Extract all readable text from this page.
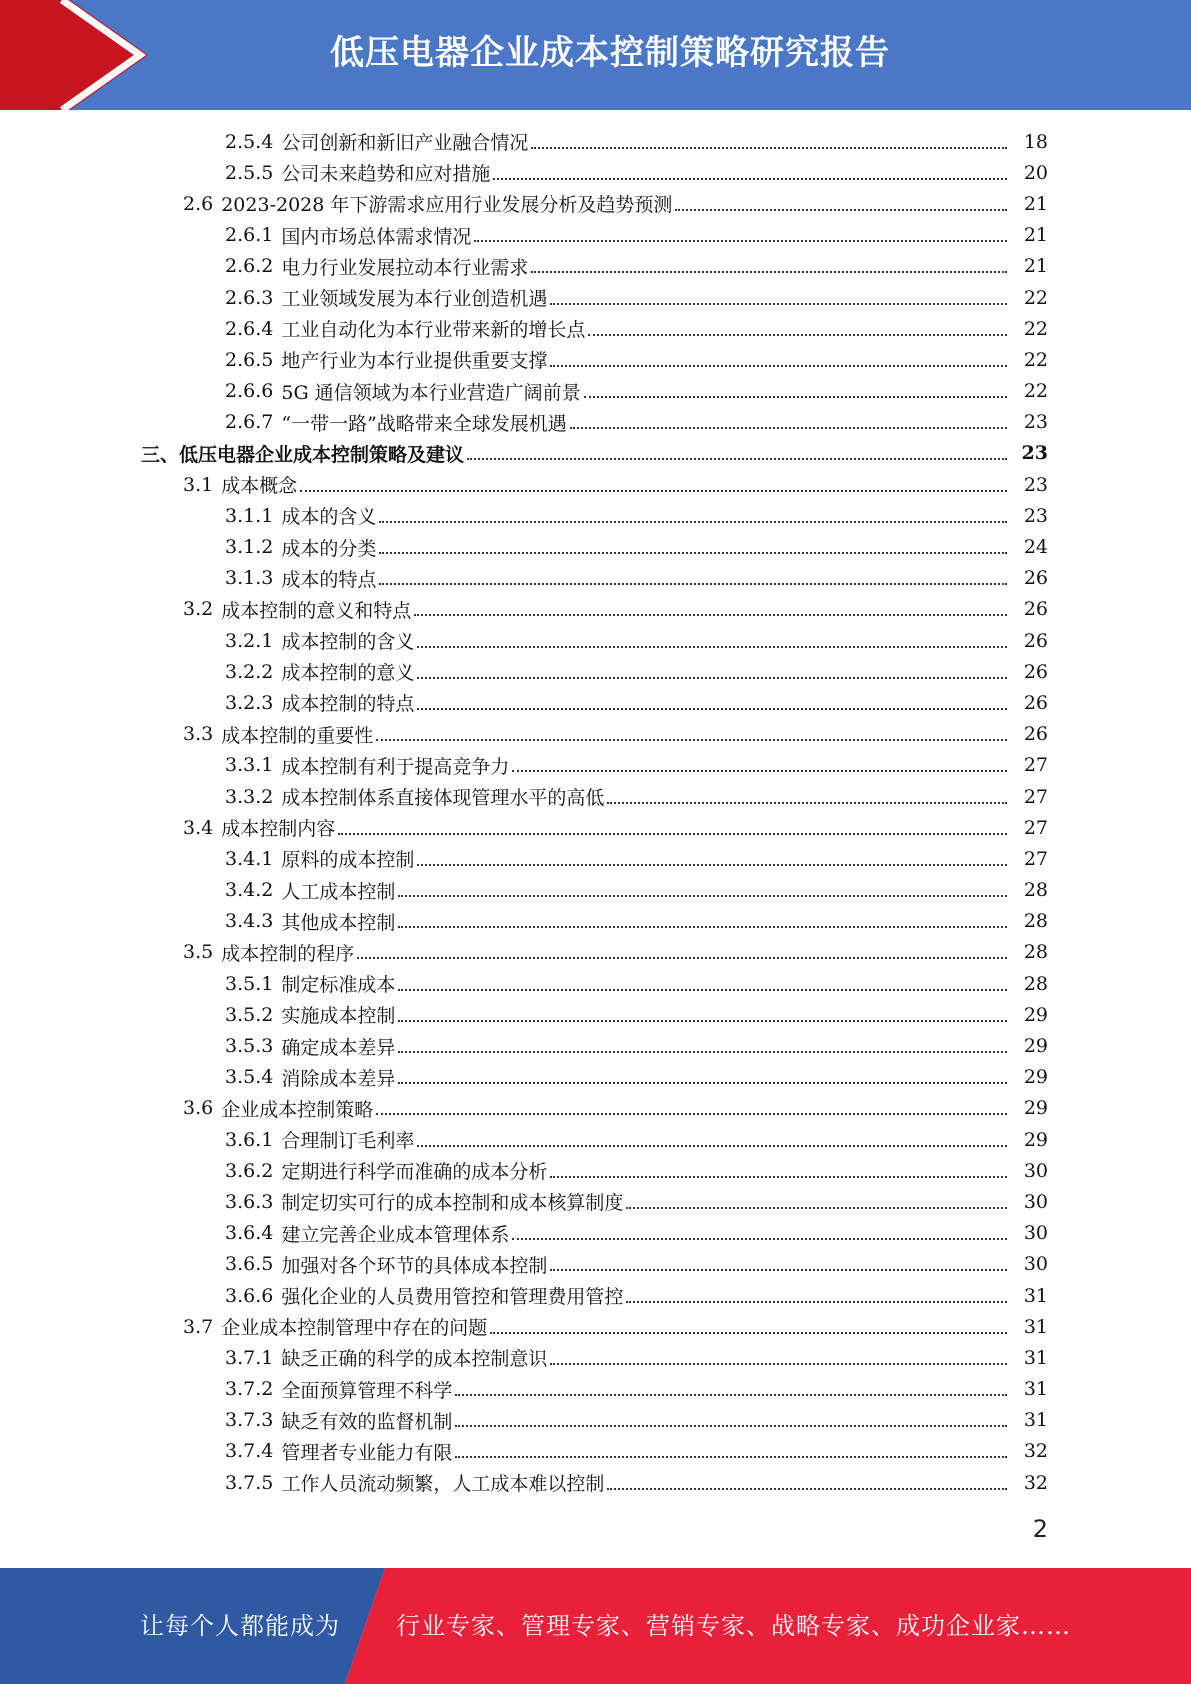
低压电器企业成本控制策略研究报告
2.5.4 公司创新和新旧产业融合情况	18
2.5.5 公司未来趋势和应对措施	20
2.6 2023-2028 年下游需求应用行业发展分析及趋势预测	21
2.6.1 国内市场总体需求情况	21
2.6.2 电力行业发展拉动本行业需求	21
2.6.3 工业领域发展为本行业创造机遇	22
2.6.4 工业自动化为本行业带来新的增长点	22
2.6.5 地产行业为本行业提供重要支撑	22
2.6.6 5G 通信领域为本行业营造广阔前景	22
2.6.7 “一带一路”战略带来全球发展机遇	23
三、 低压电器企业成本控制策略及建议	23
3.1 成本概念	23
3.1.1 成本的含义	23
3.1.2 成本的分类	24
3.1.3 成本的特点	26
3.2 成本控制的意义和特点	26
3.2.1 成本控制的含义	26
3.2.2 成本控制的意义	26
3.2.3 成本控制的特点	26
3.3 成本控制的重要性	26
3.3.1 成本控制有利于提高竞争力	27
3.3.2 成本控制体系直接体现管理水平的高低	27
3.4 成本控制内容	27
3.4.1 原料的成本控制	27
3.4.2 人工成本控制	28
3.4.3 其他成本控制	28
3.5 成本控制的程序	28
3.5.1 制定标准成本	28
3.5.2 实施成本控制	29
3.5.3 确定成本差异	29
3.5.4 消除成本差异	29
3.6 企业成本控制策略	29
3.6.1 合理制订毛利率	29
3.6.2 定期进行科学而准确的成本分析	30
3.6.3 制定切实可行的成本控制和成本核算制度	30
3.6.4 建立完善企业成本管理体系	30
3.6.5 加强对各个环节的具体成本控制	30
3.6.6 强化企业的人员费用管控和管理费用管控	31
3.7 企业成本控制管理中存在的问题	31
3.7.1 缺乏正确的科学的成本控制意识	31
3.7.2 全面预算管理不科学	31
3.7.3 缺乏有效的监督机制	31
3.7.4 管理者专业能力有限	32
3.7.5 工作人员流动频繁，人工成本难以控制	32
2
让每个人都能成为 行业专家、管理专家、营销专家、战略专家、成功企业家……
